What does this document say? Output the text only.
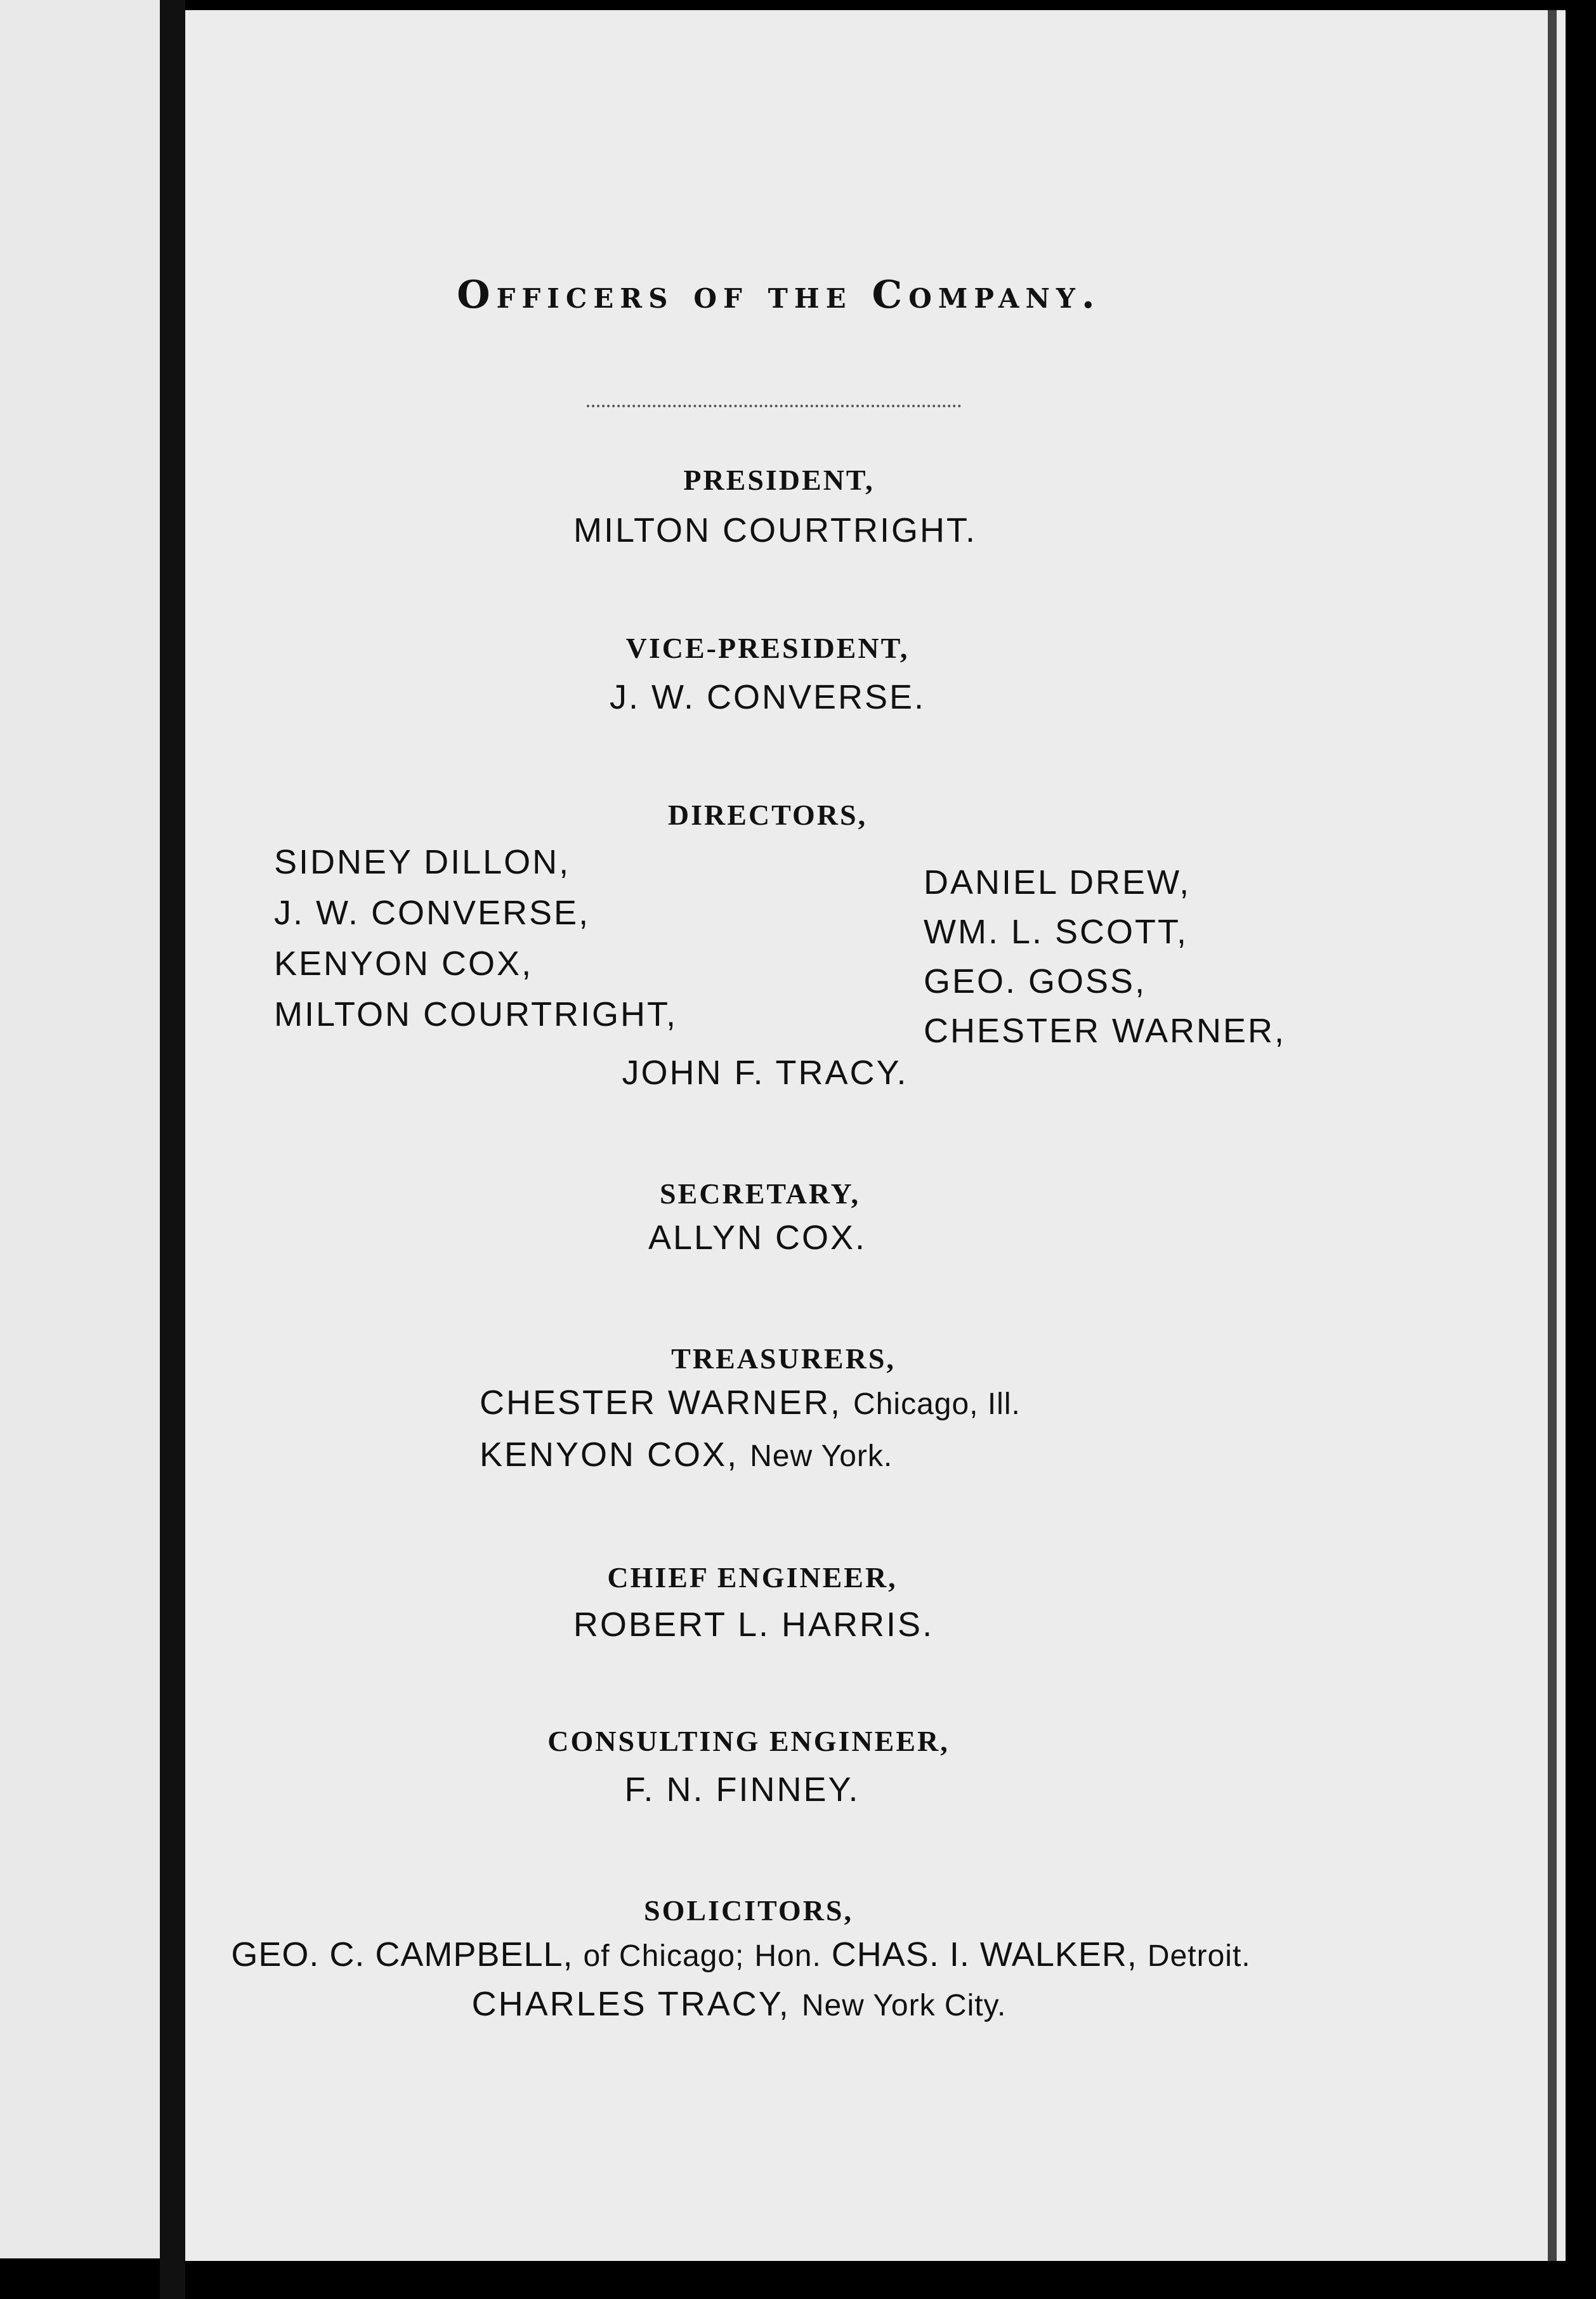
Officers of the Company.
PRESIDENT,
MILTON COURTRIGHT.
VICE-PRESIDENT,
J. W. CONVERSE.
DIRECTORS,
SIDNEY DILLON,
J. W. CONVERSE,
KENYON COX,
MILTON COURTRIGHT,
DANIEL DREW,
WM. L. SCOTT,
GEO. GOSS,
CHESTER WARNER,
JOHN F. TRACY.
SECRETARY,
ALLYN COX.
TREASURERS,
CHESTER WARNER, Chicago, Ill.
KENYON COX, New York.
CHIEF ENGINEER,
ROBERT L. HARRIS.
CONSULTING ENGINEER,
F. N. FINNEY.
SOLICITORS,
GEO. C. CAMPBELL, of Chicago; Hon. CHAS. I. WALKER, Detroit.
CHARLES TRACY, New York City.
